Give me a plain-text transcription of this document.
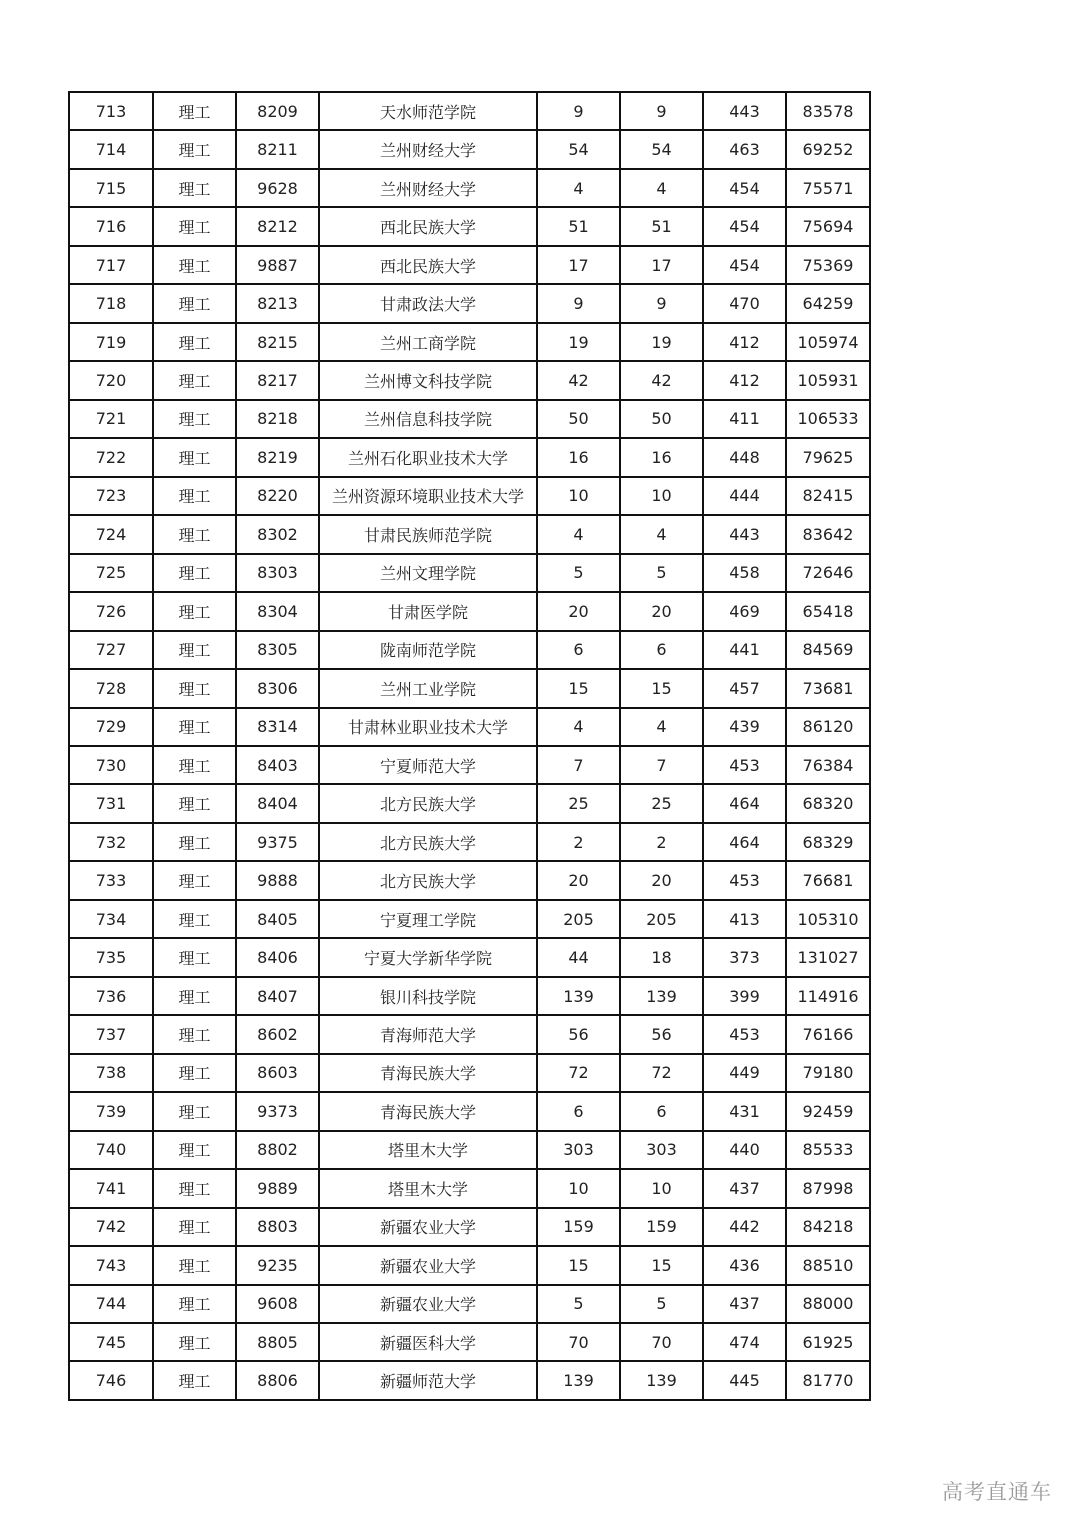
713	理工	8209	天水师范学院	9	9	443	83578
714	理工	8211	兰州财经大学	54	54	463	69252
715	理工	9628	兰州财经大学	4	4	454	75571
716	理工	8212	西北民族大学	51	51	454	75694
717	理工	9887	西北民族大学	17	17	454	75369
718	理工	8213	甘肃政法大学	9	9	470	64259
719	理工	8215	兰州工商学院	19	19	412	105974
720	理工	8217	兰州博文科技学院	42	42	412	105931
721	理工	8218	兰州信息科技学院	50	50	411	106533
722	理工	8219	兰州石化职业技术大学	16	16	448	79625
723	理工	8220	兰州资源环境职业技术大学	10	10	444	82415
724	理工	8302	甘肃民族师范学院	4	4	443	83642
725	理工	8303	兰州文理学院	5	5	458	72646
726	理工	8304	甘肃医学院	20	20	469	65418
727	理工	8305	陇南师范学院	6	6	441	84569
728	理工	8306	兰州工业学院	15	15	457	73681
729	理工	8314	甘肃林业职业技术大学	4	4	439	86120
730	理工	8403	宁夏师范大学	7	7	453	76384
731	理工	8404	北方民族大学	25	25	464	68320
732	理工	9375	北方民族大学	2	2	464	68329
733	理工	9888	北方民族大学	20	20	453	76681
734	理工	8405	宁夏理工学院	205	205	413	105310
735	理工	8406	宁夏大学新华学院	44	18	373	131027
736	理工	8407	银川科技学院	139	139	399	114916
737	理工	8602	青海师范大学	56	56	453	76166
738	理工	8603	青海民族大学	72	72	449	79180
739	理工	9373	青海民族大学	6	6	431	92459
740	理工	8802	塔里木大学	303	303	440	85533
741	理工	9889	塔里木大学	10	10	437	87998
742	理工	8803	新疆农业大学	159	159	442	84218
743	理工	9235	新疆农业大学	15	15	436	88510
744	理工	9608	新疆农业大学	5	5	437	88000
745	理工	8805	新疆医科大学	70	70	474	61925
746	理工	8806	新疆师范大学	139	139	445	81770
高考直通车
